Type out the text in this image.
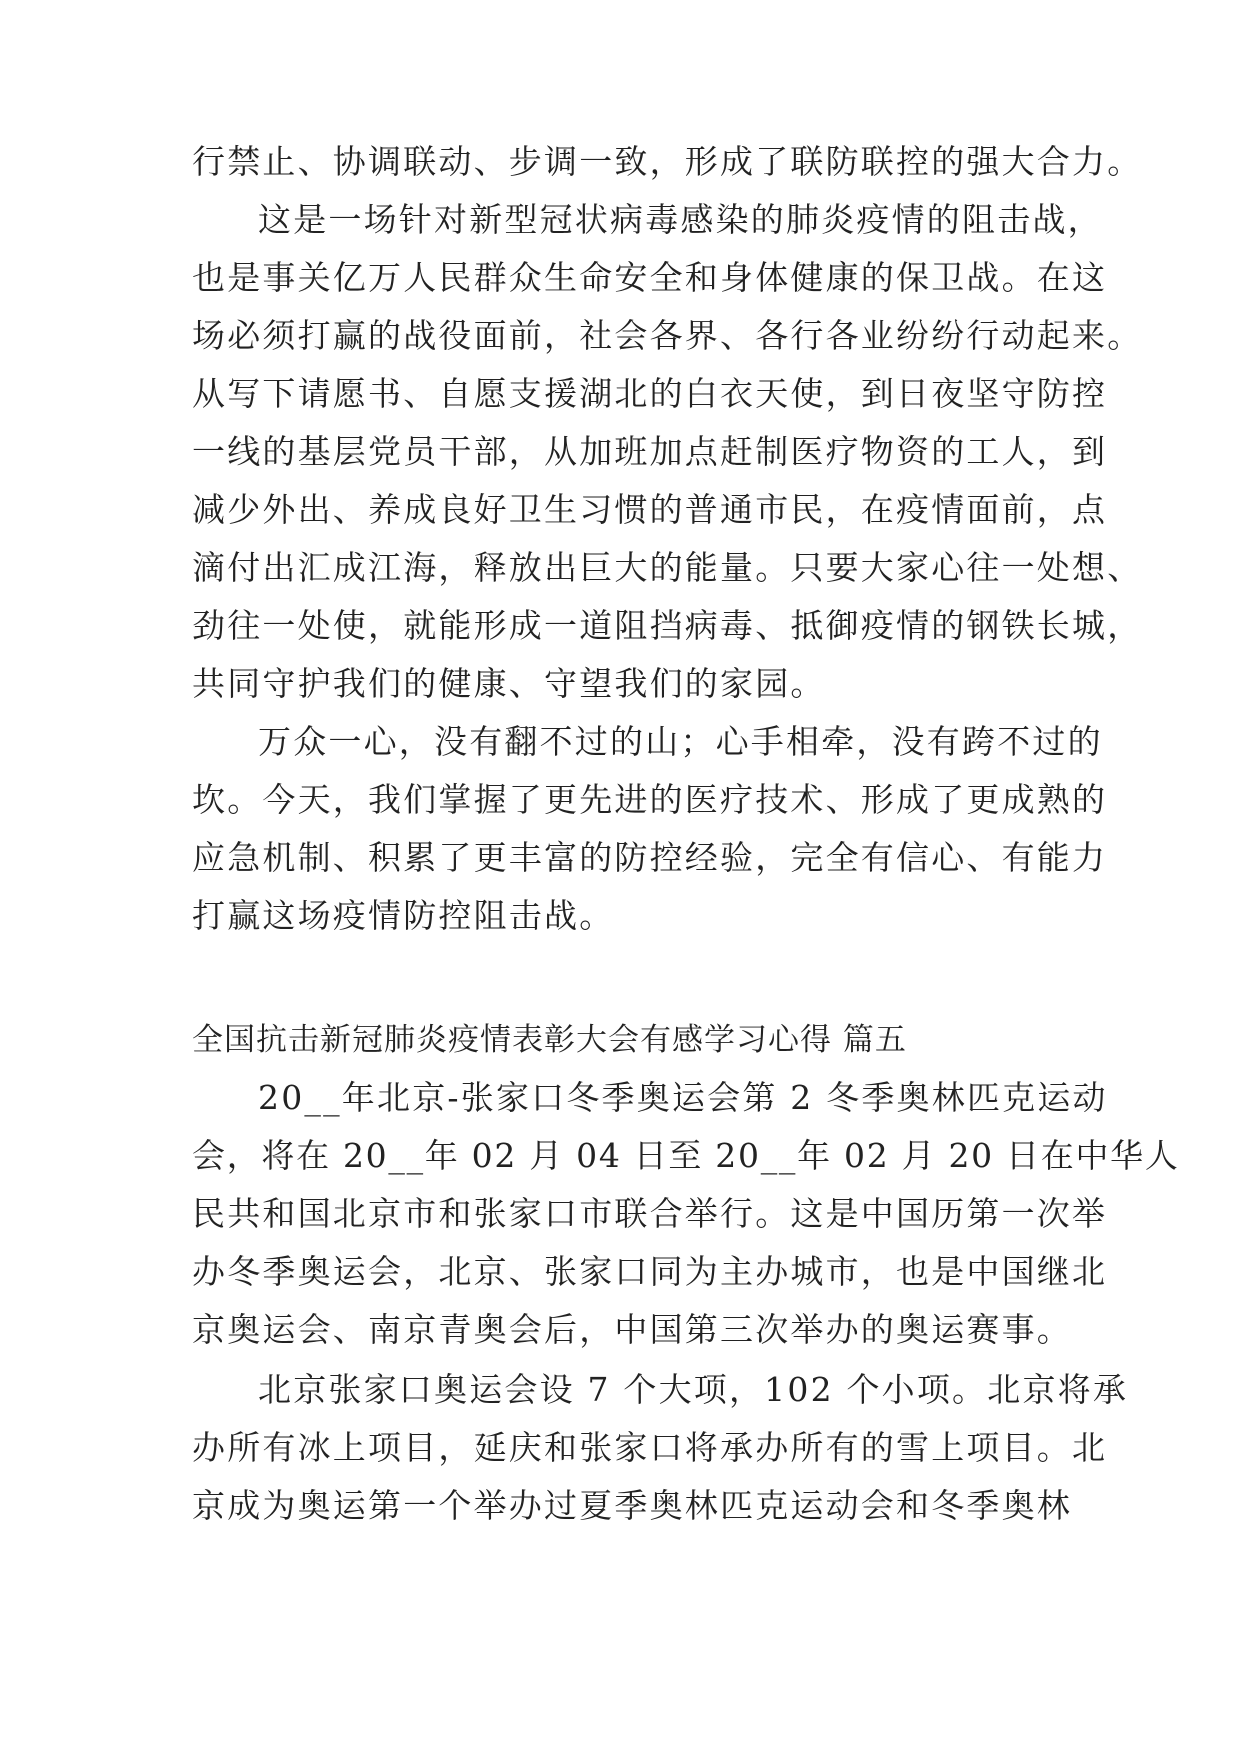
行禁止、协调联动、步调一致，形成了联防联控的强大合力。
这是一场针对新型冠状病毒感染的肺炎疫情的阻击战，
也是事关亿万人民群众生命安全和身体健康的保卫战。在这
场必须打赢的战役面前，社会各界、各行各业纷纷行动起来。
从写下请愿书、自愿支援湖北的白衣天使，到日夜坚守防控
一线的基层党员干部，从加班加点赶制医疗物资的工人，到
减少外出、养成良好卫生习惯的普通市民，在疫情面前，点
滴付出汇成江海，释放出巨大的能量。只要大家心往一处想、
劲往一处使，就能形成一道阻挡病毒、抵御疫情的钢铁长城，
共同守护我们的健康、守望我们的家园。
万众一心，没有翻不过的山；心手相牵，没有跨不过的
坎。今天，我们掌握了更先进的医疗技术、形成了更成熟的
应急机制、积累了更丰富的防控经验，完全有信心、有能力
打赢这场疫情防控阻击战。
全国抗击新冠肺炎疫情表彰大会有感学习心得 篇五
20__年北京-张家口冬季奥运会第 2 冬季奥林匹克运动
会，将在 20__年 02 月 04 日至 20__年 02 月 20 日在中华人
民共和国北京市和张家口市联合举行。这是中国历第一次举
办冬季奥运会，北京、张家口同为主办城市，也是中国继北
京奥运会、南京青奥会后，中国第三次举办的奥运赛事。
北京张家口奥运会设 7 个大项，102 个小项。北京将承
办所有冰上项目，延庆和张家口将承办所有的雪上项目。北
京成为奥运第一个举办过夏季奥林匹克运动会和冬季奥林
